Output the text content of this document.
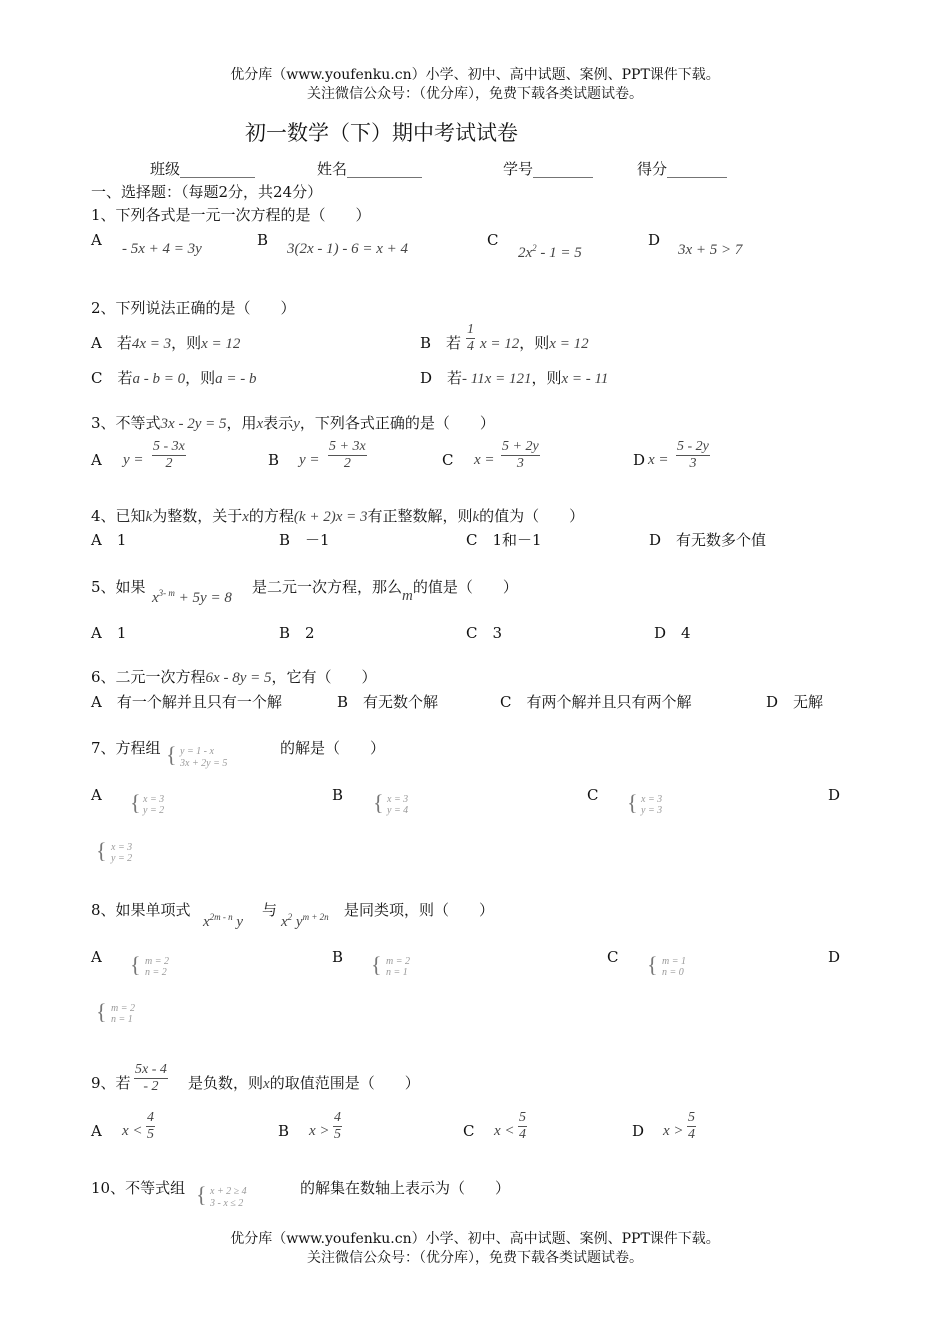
优分库（www.youfenku.cn）小学、初中、高中试题、案例、PPT课件下载。
关注微信公众号：（优分库），免费下载各类试题试卷。
初一数学（下）期中考试试卷
班级__________	姓名__________	学号________	得分________
一、选择题：（每题2分，共24分）
1、下列各式是一元一次方程的是（　　）
A - 5x + 4 = 3y	B 3(2x - 1) - 6 = x + 4	C
$2x^2 - 1 = 5$
D
3x + 5 > 7
2、下列说法正确的是（　　）
A　若4x = 3，则x = 12	B　若 $\frac{1}{4}$ x = 12，则x = 12
C　若a - b = 0，则a = - b	D　若- 11x = 121，则x = - 11
3、不等式3x - 2y = 5，用x表示y，下列各式正确的是（　　）
A $y = \frac{5 - 3x}{2}$	B $y = \frac{5 + 3x}{2}$	C $x = \frac{5 + 2y}{3}$	D $x = \frac{5 - 2y}{3}$
4、已知k为整数，关于x的方程(k + 2)x = 3有正整数解，则k的值为（　　）
A　1	B　－1	C　1和－1	D　有无数多个值
5、如果
$x^{3- m} + 5y = 8$
是二元一次方程，那么m的值是（　　）
A　1	B　2	C　3	D　4
6、二元一次方程6x - 8y = 5，它有（　　）
A　有一个解并且只有一个解	B　有无数个解	C　有两个解并且只有两个解	D　无解
7、方程组 { y = 1 - x
3x + 2y = 5
的解是（　　）
A { x = 3
y = 2
B { x = 3
y = 4
C { x = 3
y = 3
D
{ x = 3
y = 2
8、如果单项式
$x^{2m - n}$ y
与
$x^2$ $y^{m + 2n}$ 是同类项，则（　　）
A { m = 2
n = 2
B { m = 2
n = 1
C { m = 1
n = 0
D
{ m = 2
n = 1
9、若 $\frac{5x - 4}{- 2}$ 是负数，则x的取值范围是（　　）
A $x < \frac{4}{5}$	B $x > \frac{4}{5}$	C $x < \frac{5}{4}$	D $x > \frac{5}{4}$
10、不等式组 { x + 2 ≥ 4
3 - x ≤ 2
的解集在数轴上表示为（　　）
优分库（www.youfenku.cn）小学、初中、高中试题、案例、PPT课件下载。
关注微信公众号：（优分库），免费下载各类试题试卷。
